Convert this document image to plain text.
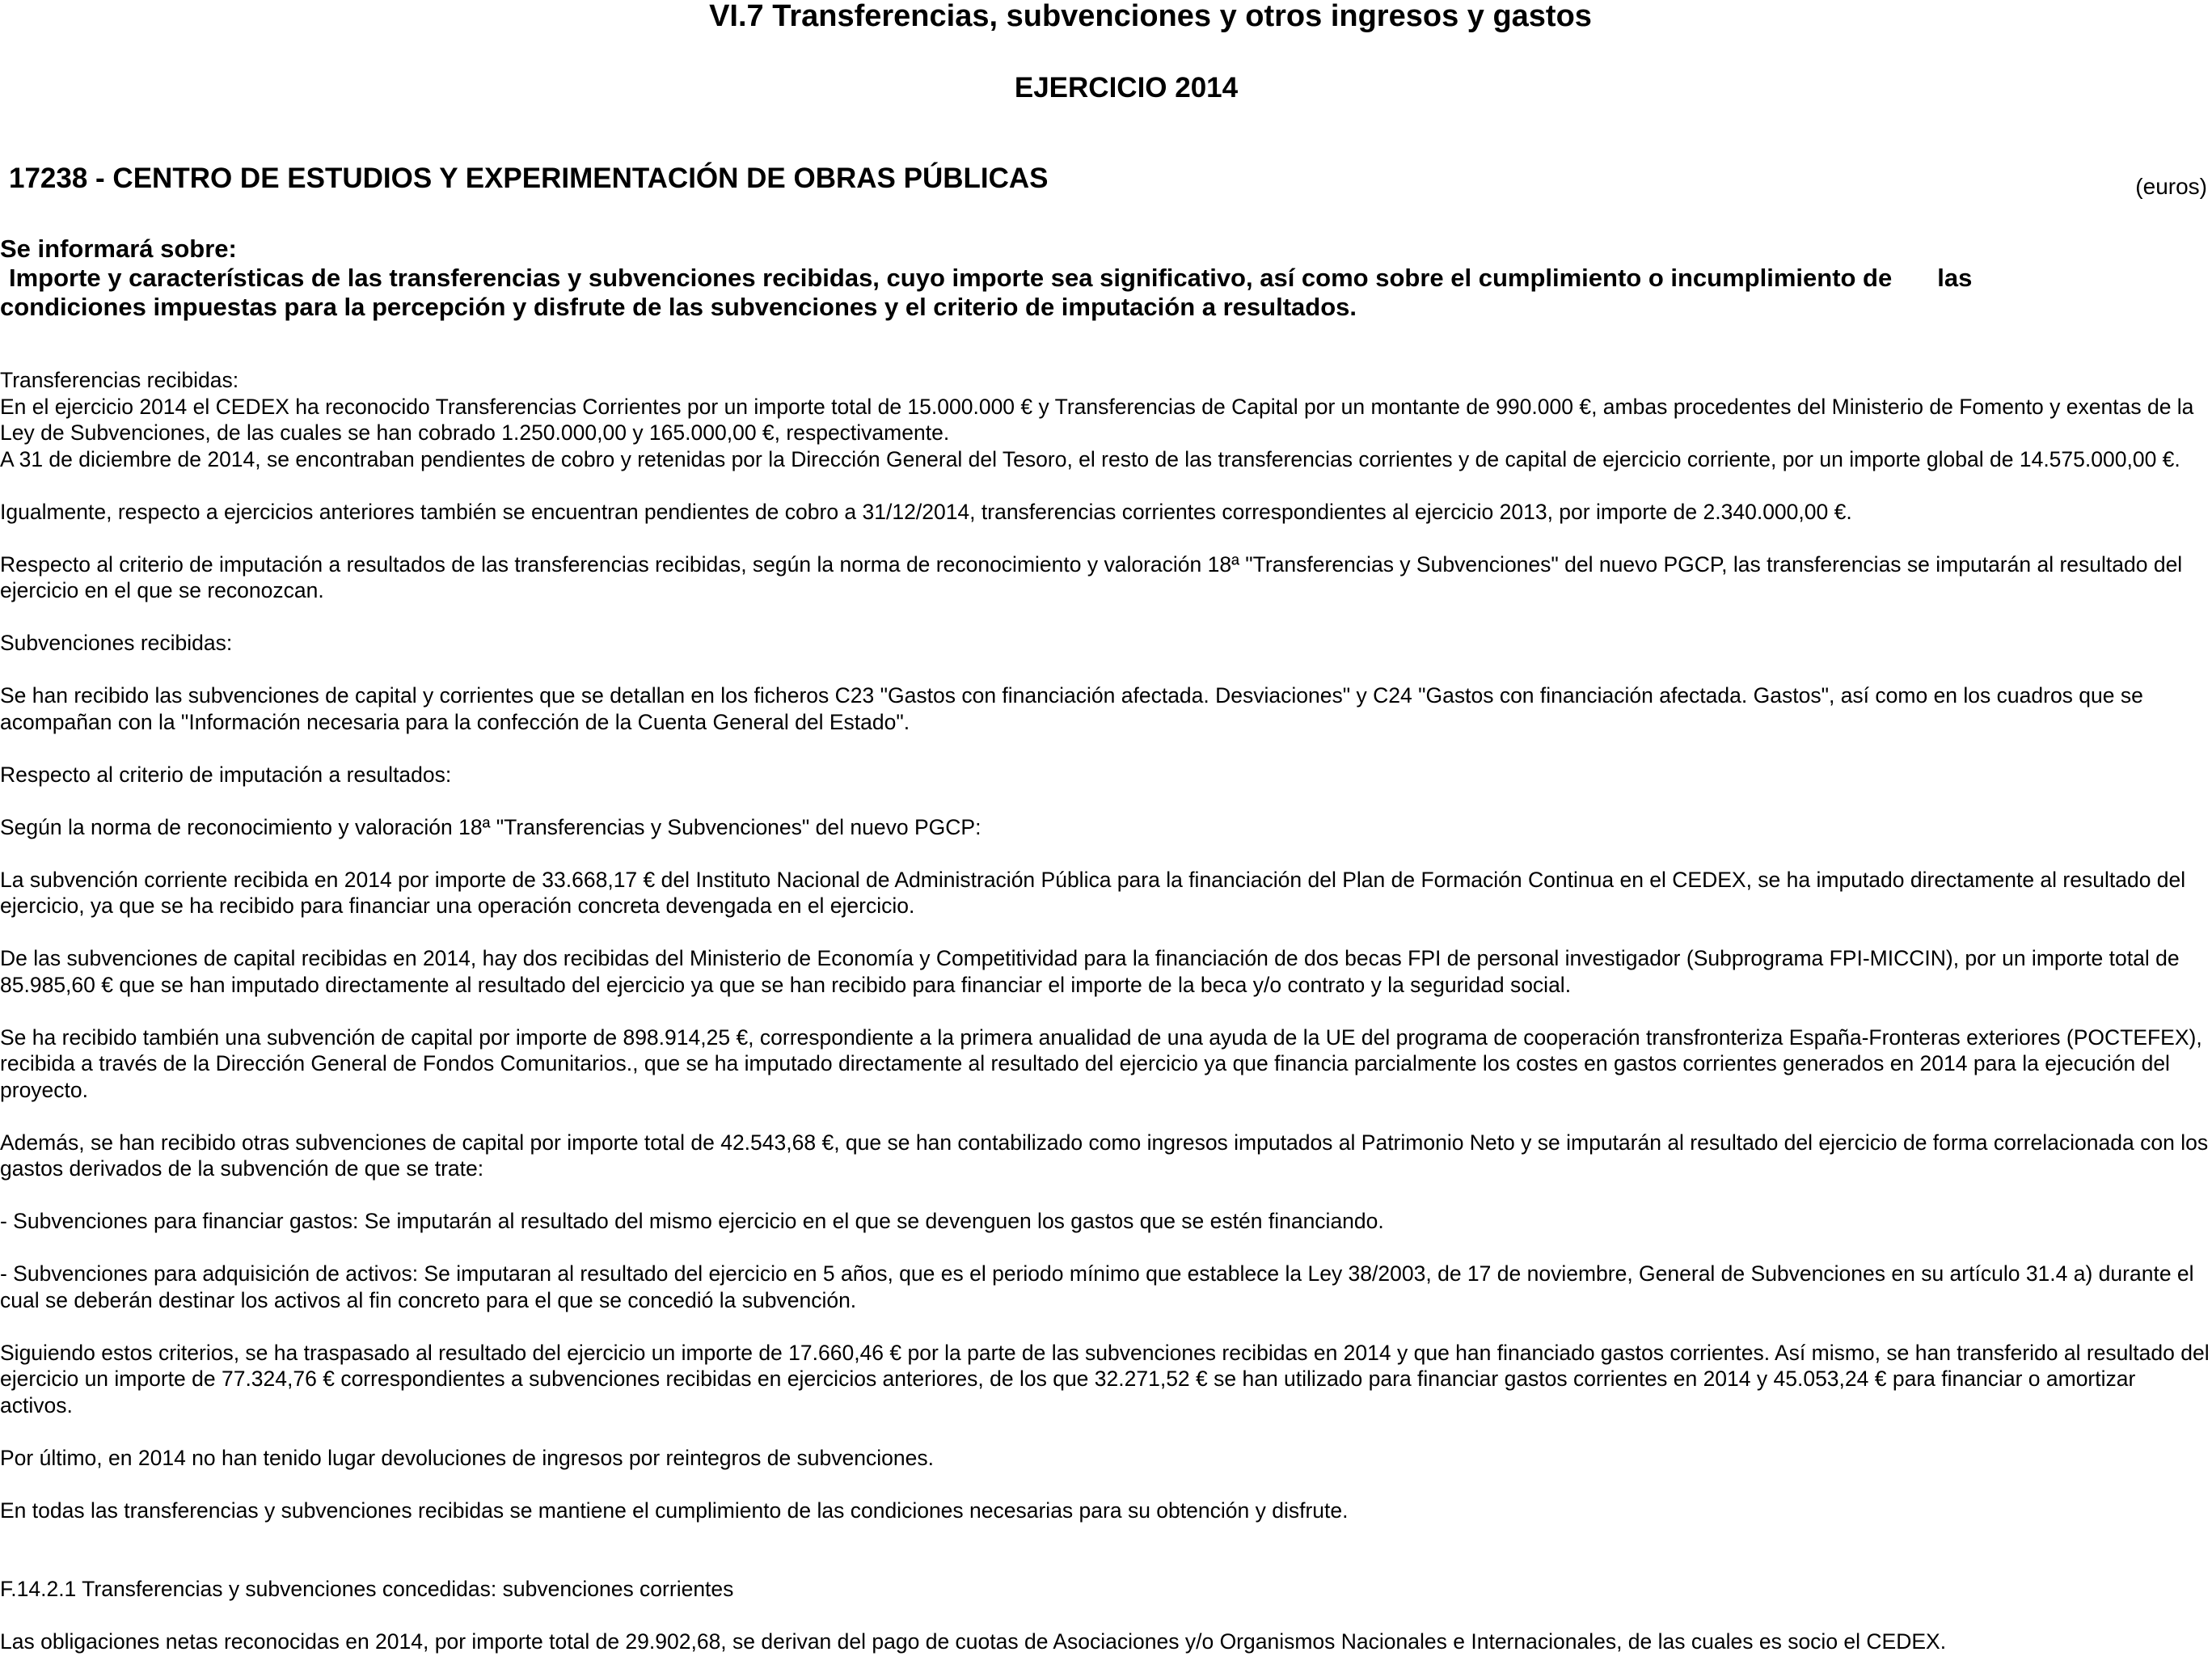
VI.7 Transferencias, subvenciones y otros ingresos y gastos
EJERCICIO 2014
17238 - CENTRO DE ESTUDIOS Y EXPERIMENTACIÓN DE OBRAS PÚBLICAS	(euros)
Se informará sobre:
Importe y características de las transferencias y subvenciones recibidas, cuyo importe sea significativo, así como sobre el cumplimiento o incumplimiento de las
condiciones impuestas para la percepción y disfrute de las subvenciones y el criterio de imputación a resultados.

Transferencias recibidas:

En el ejercicio 2014 el CEDEX ha reconocido Transferencias Corrientes por un importe total de 15.000.000 € y Transferencias de Capital por un montante de 990.000 €, ambas procedentes del Ministerio de Fomento y exentas de la Ley de Subvenciones, de las cuales se han cobrado 1.250.000,00 y 165.000,00 €, respectivamente.

A 31 de diciembre de 2014, se encontraban pendientes de cobro y retenidas por la Dirección General del Tesoro, el resto de las transferencias corrientes y de capital de ejercicio corriente, por un importe global de 14.575.000,00 €.

Igualmente, respecto a ejercicios anteriores también se encuentran pendientes de cobro a 31/12/2014, transferencias corrientes correspondientes al ejercicio 2013, por importe de 2.340.000,00 €.

Respecto al criterio de imputación a resultados de las transferencias recibidas, según la norma de reconocimiento y valoración 18ª "Transferencias y Subvenciones" del nuevo PGCP, las transferencias se imputarán al resultado del ejercicio en el que se reconozcan.

Subvenciones recibidas:

Se han recibido las subvenciones de capital y corrientes que se detallan en los ficheros C23 "Gastos con financiación afectada. Desviaciones" y C24 "Gastos con financiación afectada. Gastos", así como en los cuadros que se acompañan con la "Información necesaria para la confección de la Cuenta General del Estado".

Respecto al criterio de imputación a resultados:

Según la norma de reconocimiento y valoración 18ª "Transferencias y Subvenciones" del nuevo PGCP:

La subvención corriente recibida en 2014 por importe de 33.668,17 € del Instituto Nacional de Administración Pública para la financiación del Plan de Formación Continua en el CEDEX, se ha imputado directamente al resultado del ejercicio, ya que se ha recibido para financiar una operación concreta devengada en el ejercicio.

De las subvenciones de capital recibidas en 2014, hay dos recibidas del Ministerio de Economía y Competitividad para la financiación de dos becas FPI de personal investigador (Subprograma FPI-MICCIN), por un importe total de 85.985,60 € que se han imputado directamente al resultado del ejercicio ya que se han recibido para financiar el importe de la beca y/o contrato y la seguridad social.

Se ha recibido también una subvención de capital por importe de 898.914,25 €, correspondiente a la primera anualidad de una ayuda de la UE del programa de cooperación transfronteriza España-Fronteras exteriores (POCTEFEX), recibida a través de la Dirección General de Fondos Comunitarios., que se ha imputado directamente al resultado del ejercicio ya que financia parcialmente los costes en gastos corrientes generados en 2014 para la ejecución del proyecto.

Además, se han recibido otras subvenciones de capital por importe total de 42.543,68 €, que se han contabilizado como ingresos imputados al Patrimonio Neto y se imputarán al resultado del ejercicio de forma correlacionada con los gastos derivados de la subvención de que se trate:

- Subvenciones para financiar gastos: Se imputarán al resultado del mismo ejercicio en el que se devenguen los gastos que se estén financiando.

- Subvenciones para adquisición de activos: Se imputaran al resultado del ejercicio en 5 años, que es el periodo mínimo que establece la Ley 38/2003, de 17 de noviembre, General de Subvenciones en su artículo 31.4 a) durante el cual se deberán destinar los activos al fin concreto para el que se concedió la subvención.

Siguiendo estos criterios, se ha traspasado al resultado del ejercicio un importe de 17.660,46 € por la parte de las subvenciones recibidas en 2014 y que han financiado gastos corrientes. Así mismo, se han transferido al resultado del ejercicio un importe de 77.324,76 € correspondientes a subvenciones recibidas en ejercicios anteriores, de los que 32.271,52 € se han utilizado para financiar gastos corrientes en 2014 y 45.053,24 € para financiar o amortizar activos.

Por último, en 2014 no han tenido lugar devoluciones de ingresos por reintegros de subvenciones.

En todas las transferencias y subvenciones recibidas se mantiene el cumplimiento de las condiciones necesarias para su obtención y disfrute.

F.14.2.1 Transferencias y subvenciones concedidas: subvenciones corrientes

Las obligaciones netas reconocidas en 2014, por importe total de 29.902,68, se derivan del pago de cuotas de Asociaciones y/o Organismos Nacionales e Internacionales, de las cuales es socio el CEDEX.
